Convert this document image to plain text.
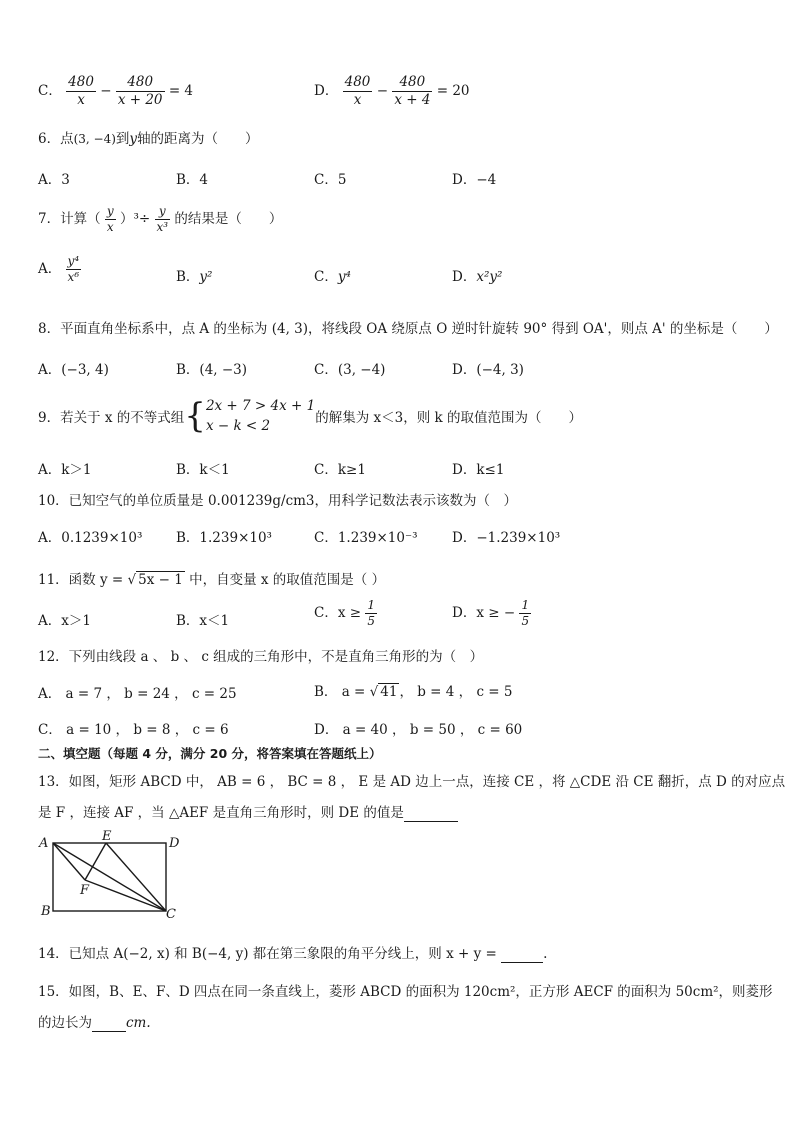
C． $\frac{480}{x} - \frac{480}{x + 20} = 4$	D． $\frac{480}{x} - \frac{480}{x + 4} = 20$
6．点(3, −4)到y轴的距离为（　　）
A．3	B．4	C．5	D．−4
7．计算（ $\frac{y}{x} )^3\div \frac{y}{\text{x³}}$ 的结果是（　　）
A． $\frac{\text{y⁴}}{\text{x⁶}}$	B．y²	C．y⁴	D．x²y²
8．平面直角坐标系中，点 A 的坐标为 (4, 3)，将线段 OA 绕原点 O 逆时针旋转 90° 得到 OA'，则点 A' 的坐标是（　　）
A．(−3, 4)	B．(4, −3)	C．(3, −4)	D．(−4, 3)
9．若关于 x 的不等式组{ 2x + 7 > 4x + 1
x − k < 2	的解集为 x＜3，则 k 的取值范围为（　　）
A．k＞1	B．k＜1	C．k≥1	D．k≤1
10．已知空气的单位质量是 0.001239g/cm3，用科学记数法表示该数为（　）
A．0.1239×10³ B．1.239×10³	C．1.239×10⁻³	D．−1.239×10³
11．函数 y = √ 5x − 1 中，自变量 x 的取值范围是（ ）
A．x＞1	B．x＜1	C．$x \ge \frac{1}{5}$	D．x ≥ − $\frac{1}{5}$
12．下列由线段 a 、 b 、 c 组成的三角形中，不是直角三角形的为（　）
A． a = 7 ， b = 24 ， c = 25	B． a = √ 41 ， b = 4 ， c = 5
C． a = 10 ， b = 8 ， c = 6	D． a = 40 ， b = 50 ， c = 60
二、填空题（每题 4 分，满分 20 分，将答案填在答题纸上）
13．如图，矩形 ABCD 中， AB = 6 ， BC = 8 ， E 是 AD 边上一点，连接 CE ，将 △CDE 沿 CE 翻折，点 D 的对应点
是 F ，连接 AF ，当 △AEF 是直角三角形时，则 DE 的值是
A	E	D
F
B	C
14．已知点 A(−2, x) 和 B(−4, y) 都在第三象限的角平分线上，则 x + y =	.
15．如图，B、E、F、D 四点在同一条直线上，菱形 ABCD 的面积为 120cm²，正方形 AECF 的面积为 50cm²，则菱形
的边长为	cm.
